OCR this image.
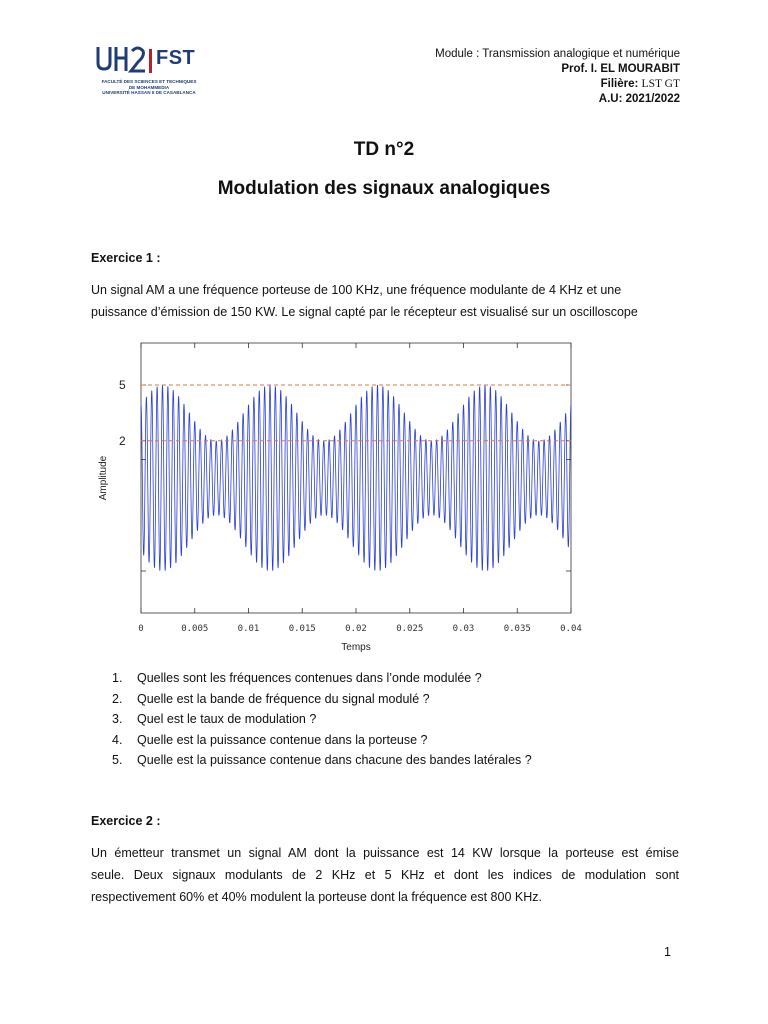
FST
FACULTÉ DES SCIENCES ET TECHNIQUES
DE MOHAMMEDIA
UNIVERSITÉ HASSAN II DE CASABLANCA
Module : Transmission analogique et numérique
Prof. I. EL MOURABIT
Filière: LST GT
A.U: 2021/2022
TD n°2
Modulation des signaux analogiques
Exercice 1 :
Un signal AM a une fréquence porteuse de 100 KHz, une fréquence modulante de 4 KHz et une
puissance d’émission de 150 KW. Le signal capté par le récepteur est visualisé sur un oscilloscope
5
2
0	0.005	0.01	0.015	0.02	0.025	0.03	0.035	0.04
Temps
Amplitude
1. Quelles sont les fréquences contenues dans l’onde modulée ?
2. Quelle est la bande de fréquence du signal modulé ?
3. Quel est le taux de modulation ?
4. Quelle est la puissance contenue dans la porteuse ?
5. Quelle est la puissance contenue dans chacune des bandes latérales ?
Exercice 2 :
Un émetteur transmet un signal AM dont la puissance est 14 KW lorsque la porteuse est émise
seule. Deux signaux modulants de 2 KHz et 5 KHz et dont les indices de modulation sont
respectivement 60% et 40% modulent la porteuse dont la fréquence est 800 KHz.
1
